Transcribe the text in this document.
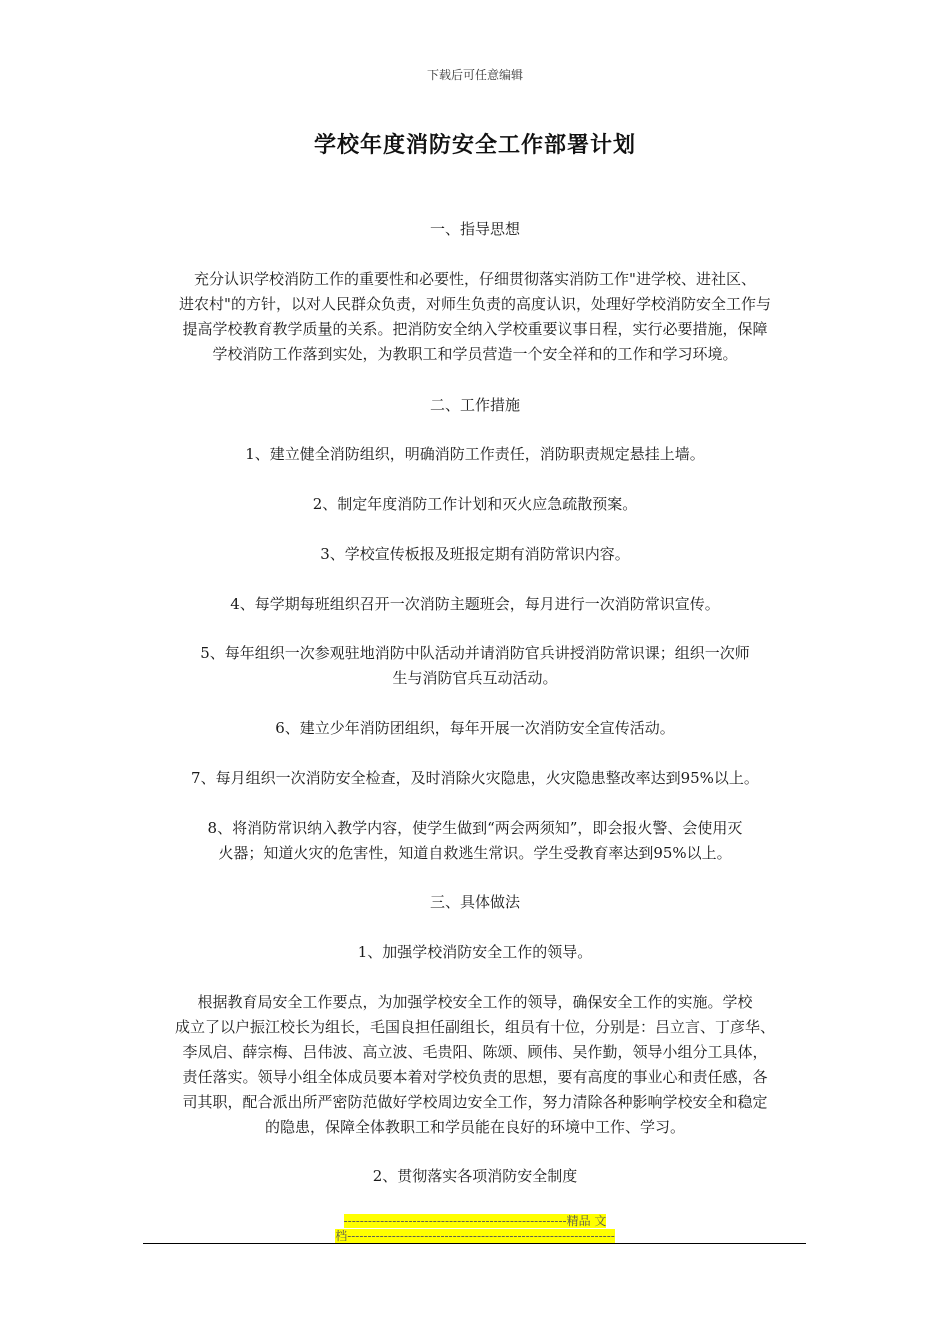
下载后可任意编辑
学校年度消防安全工作部署计划
一、指导思想
充分认识学校消防工作的重要性和必要性，仔细贯彻落实消防工作"进学校、进社区、
进农村"的方针，以对人民群众负责，对师生负责的高度认识，处理好学校消防安全工作与
提高学校教育教学质量的关系。把消防安全纳入学校重要议事日程，实行必要措施，保障
学校消防工作落到实处，为教职工和学员营造一个安全祥和的工作和学习环境。
二、工作措施
1、建立健全消防组织，明确消防工作责任，消防职责规定悬挂上墙。
2、制定年度消防工作计划和灭火应急疏散预案。
3、学校宣传板报及班报定期有消防常识内容。
4、每学期每班组织召开一次消防主题班会，每月进行一次消防常识宣传。
5、每年组织一次参观驻地消防中队活动并请消防官兵讲授消防常识课；组织一次师
生与消防官兵互动活动。
6、建立少年消防团组织，每年开展一次消防安全宣传活动。
7、每月组织一次消防安全检查，及时消除火灾隐患，火灾隐患整改率达到95%以上。
8、将消防常识纳入教学内容，使学生做到“两会两须知”，即会报火警、会使用灭
火器；知道火灾的危害性，知道自救逃生常识。学生受教育率达到95%以上。
三、具体做法
1、加强学校消防安全工作的领导。
根据教育局安全工作要点，为加强学校安全工作的领导，确保安全工作的实施。学校
成立了以户振江校长为组长，毛国良担任副组长，组员有十位，分别是：吕立言、丁彦华、
李凤启、薛宗梅、吕伟波、高立波、毛贵阳、陈颂、顾伟、吴作勤，领导小组分工具体，
责任落实。领导小组全体成员要本着对学校负责的思想，要有高度的事业心和责任感，各
司其职，配合派出所严密防范做好学校周边安全工作，努力清除各种影响学校安全和稳定
的隐患，保障全体教职工和学员能在良好的环境中工作、学习。
2、贯彻落实各项消防安全制度
-------------------------------------------------------精品 文
档------------------------------------------------------------------
